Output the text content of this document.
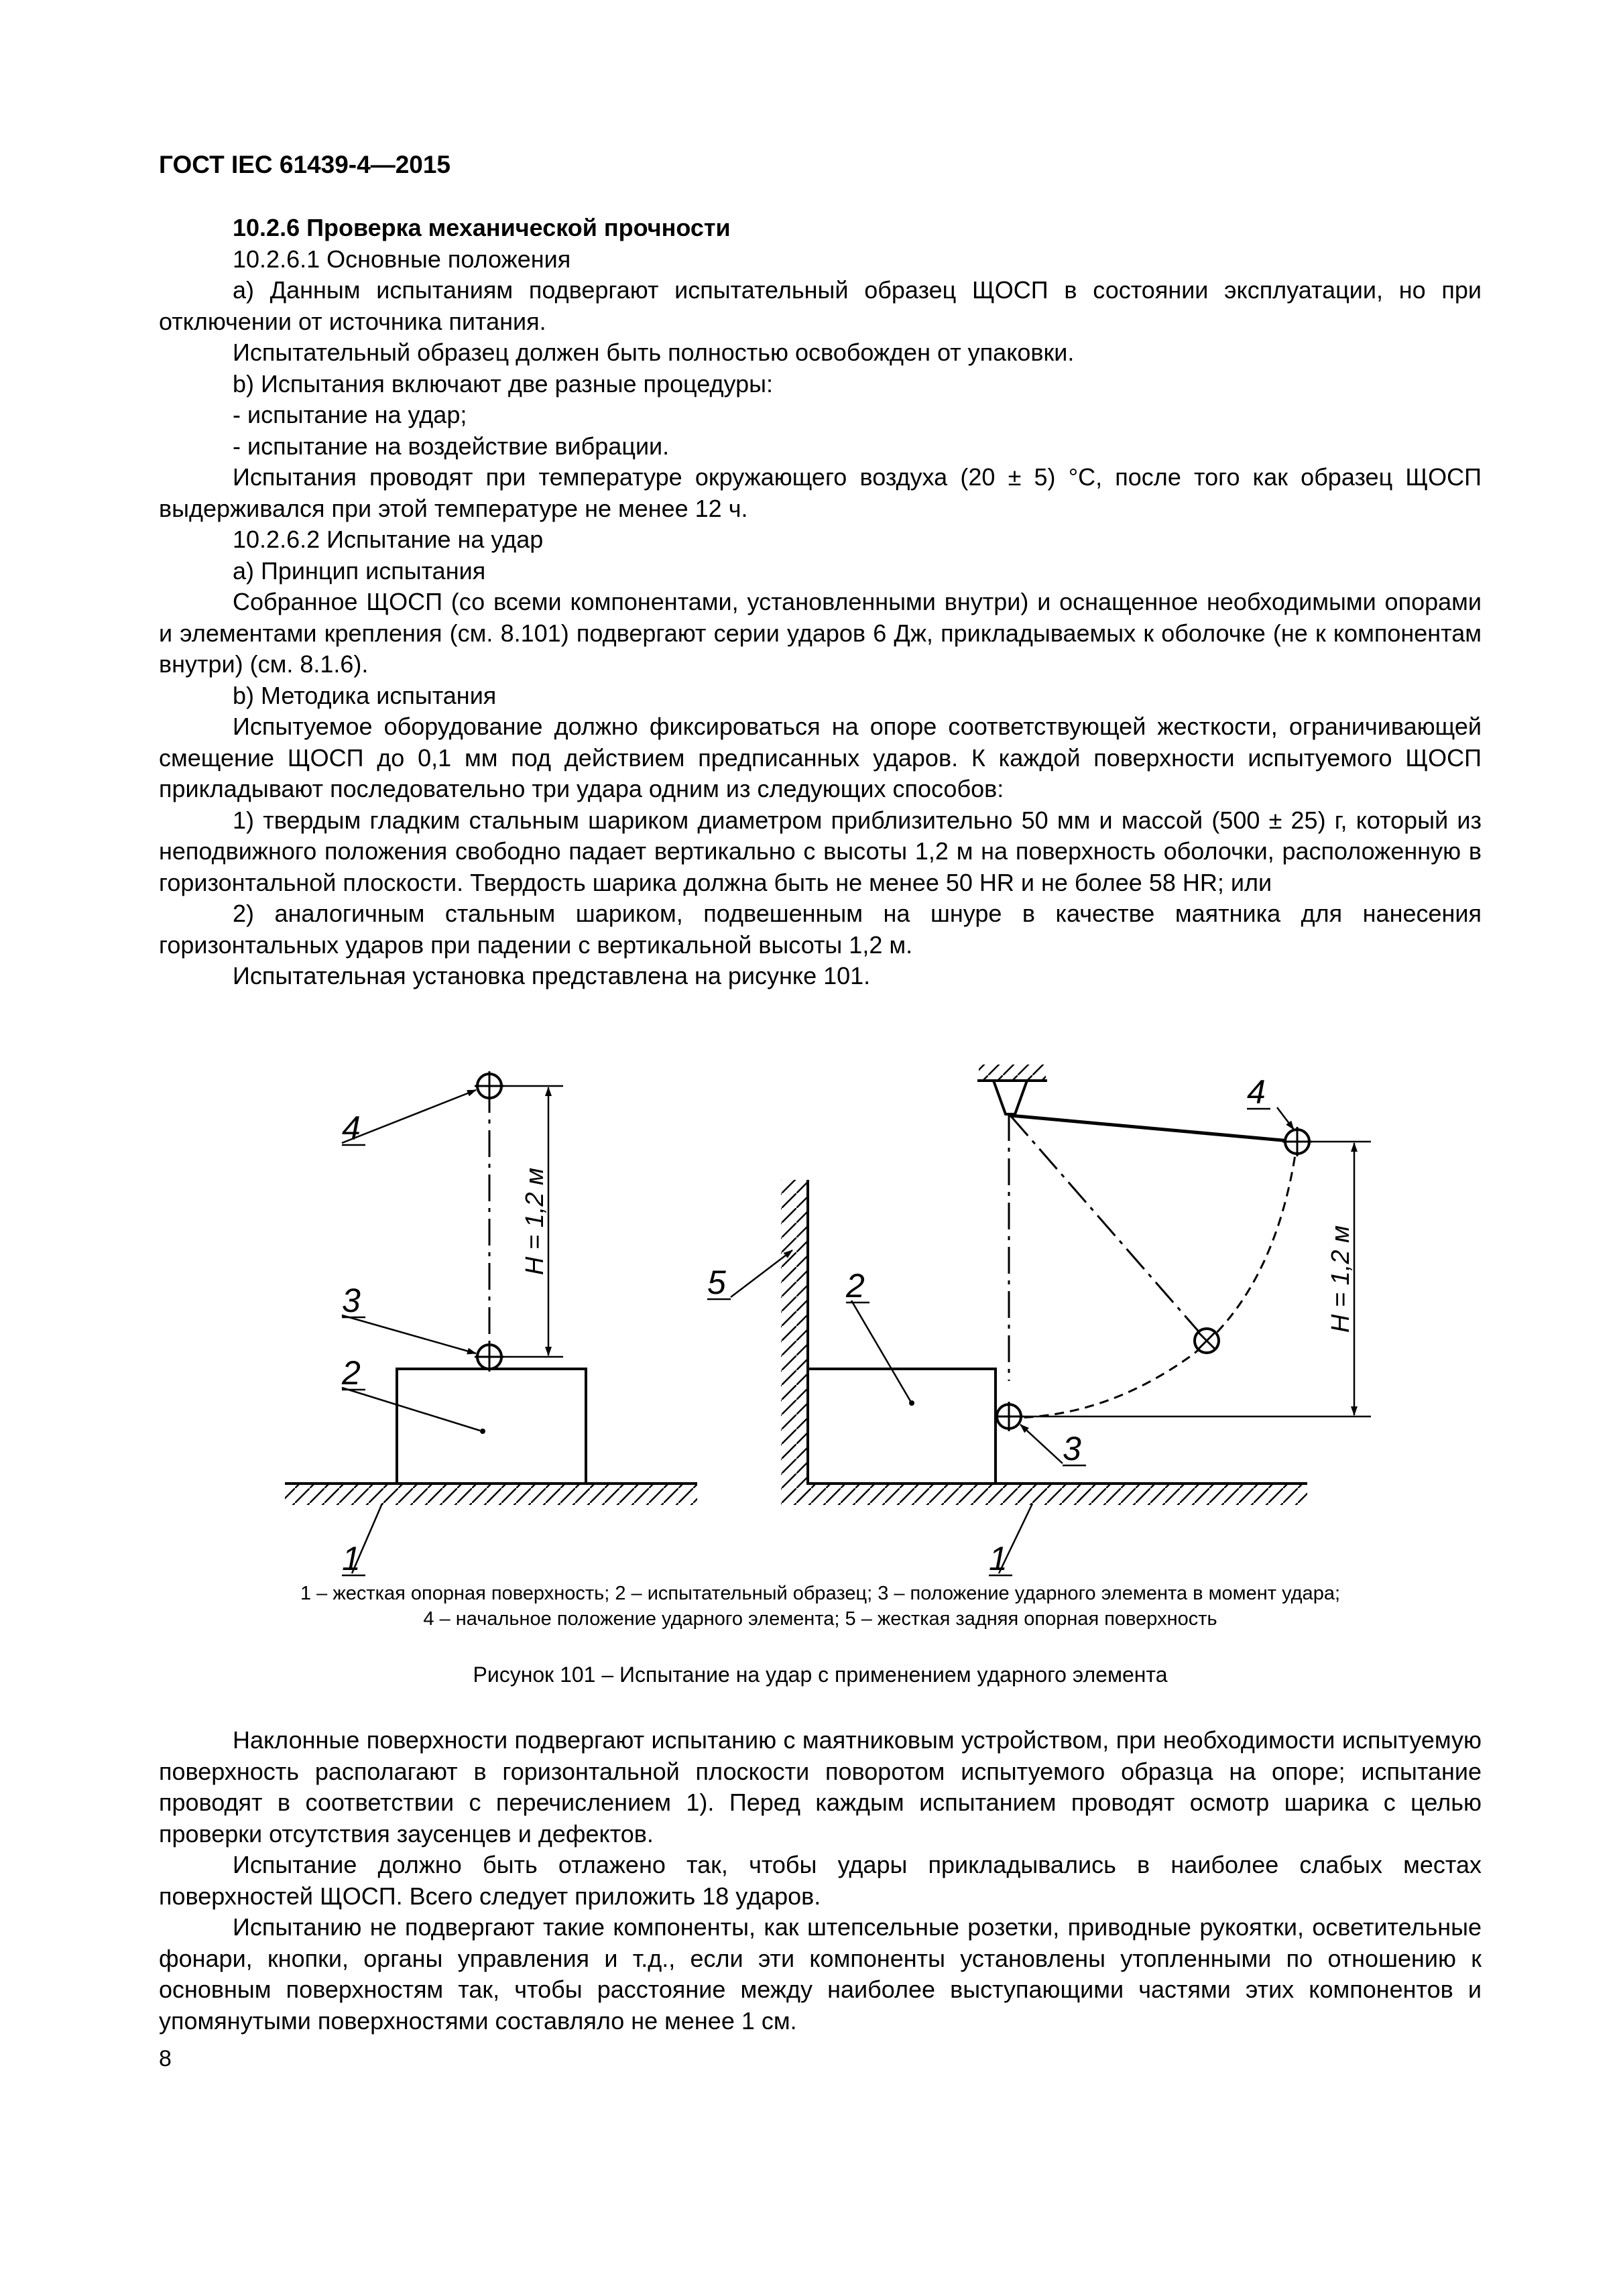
ГОСТ IEC 61439-4—2015

10.2.6 Проверка механической прочности

10.2.6.1 Основные положения

a) Данным испытаниям подвергают испытательный образец ЩОСП в состоянии эксплуатации, но при отключении от источника питания.

Испытательный образец должен быть полностью освобожден от упаковки.

b) Испытания включают две разные процедуры:

- испытание на удар;

- испытание на воздействие вибрации.

Испытания проводят при температуре окружающего воздуха (20 ± 5) °С, после того как образец ЩОСП выдерживался при этой температуре не менее 12 ч.

10.2.6.2 Испытание на удар

a) Принцип испытания

Собранное ЩОСП (со всеми компонентами, установленными внутри) и оснащенное необходимыми опорами и элементами крепления (см. 8.101) подвергают серии ударов 6 Дж, прикладываемых к оболочке (не к компонентам внутри) (см. 8.1.6).

b) Методика испытания

Испытуемое оборудование должно фиксироваться на опоре соответствующей жесткости, ограничивающей смещение ЩОСП до 0,1 мм под действием предписанных ударов. К каждой поверхности испытуемого ЩОСП прикладывают последовательно три удара одним из следующих способов:

1) твердым гладким стальным шариком диаметром приблизительно 50 мм и массой (500 ± 25) г, который из неподвижного положения свободно падает вертикально с высоты 1,2 м на поверхность оболочки, расположенную в горизонтальной плоскости. Твердость шарика должна быть не менее 50 HR и не более 58 HR; или

2) аналогичным стальным шариком, подвешенным на шнуре в качестве маятника для нанесения горизонтальных ударов при падении с вертикальной высоты 1,2 м.

Испытательная установка представлена на рисунке 101.

H = 1,2 м
4
3
2
1
H = 1,2 м
4
5	2
3
1
1 – жесткая опорная поверхность; 2 – испытательный образец; 3 – положение ударного элемента в момент удара;
4 – начальное положение ударного элемента; 5 – жесткая задняя опорная поверхность
Рисунок 101 – Испытание на удар с применением ударного элемента

Наклонные поверхности подвергают испытанию с маятниковым устройством, при необходимости испытуемую поверхность располагают в горизонтальной плоскости поворотом испытуемого образца на опоре; испытание проводят в соответствии с перечислением 1). Перед каждым испытанием проводят осмотр шарика с целью проверки отсутствия заусенцев и дефектов.

Испытание должно быть отлажено так, чтобы удары прикладывались в наиболее слабых местах поверхностей ЩОСП. Всего следует приложить 18 ударов.

Испытанию не подвергают такие компоненты, как штепсельные розетки, приводные рукоятки, осветительные фонари, кнопки, органы управления и т.д., если эти компоненты установлены утопленными по отношению к основным поверхностям так, чтобы расстояние между наиболее выступающими частями этих компонентов и упомянутыми поверхностями составляло не менее 1 см.

8
